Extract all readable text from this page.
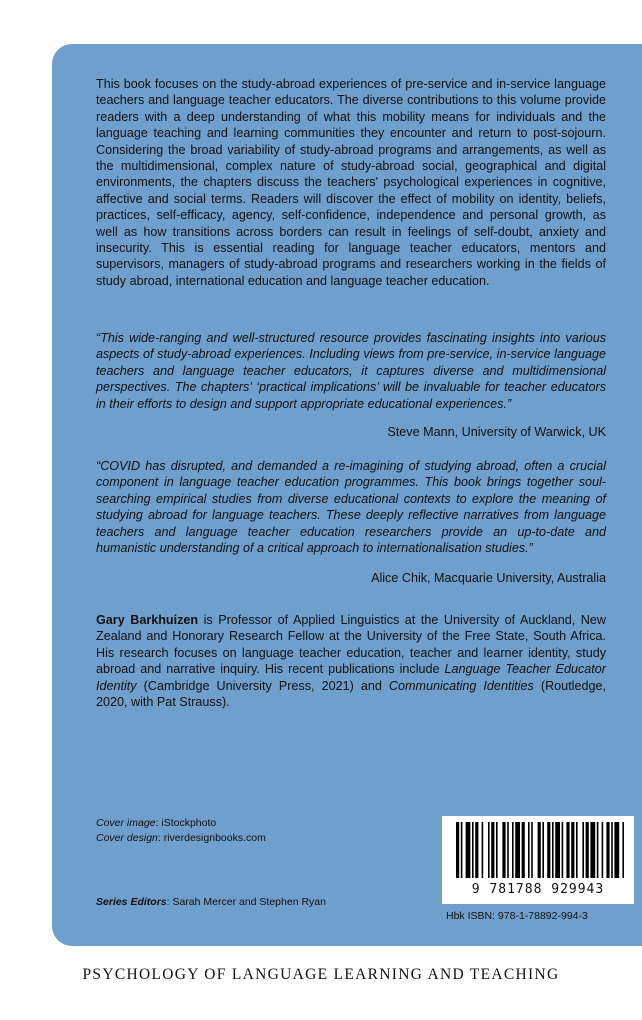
This book focuses on the study-abroad experiences of pre-service and in-service language teachers and language teacher educators. The diverse contributions to this volume provide readers with a deep understanding of what this mobility means for individuals and the language teaching and learning communities they encounter and return to post-sojourn. Considering the broad variability of study-abroad programs and arrangements, as well as the multidimensional, complex nature of study-abroad social, geographical and digital environments, the chapters discuss the teachers' psychological experiences in cognitive, affective and social terms. Readers will discover the effect of mobility on identity, beliefs, practices, self-efficacy, agency, self-confidence, independence and personal growth, as well as how transitions across borders can result in feelings of self-doubt, anxiety and insecurity. This is essential reading for language teacher educators, mentors and supervisors, managers of study-abroad programs and researchers working in the fields of study abroad, international education and language teacher education.

“This wide-ranging and well-structured resource provides fascinating insights into various aspects of study-abroad experiences. Including views from pre-service, in-service language teachers and language teacher educators, it captures diverse and multidimensional perspectives. The chapters' ‘practical implications’ will be invaluable for teacher educators in their efforts to design and support appropriate educational experiences.”

Steve Mann, University of Warwick, UK

“COVID has disrupted, and demanded a re-imagining of studying abroad, often a crucial component in language teacher education programmes. This book brings together soul-searching empirical studies from diverse educational contexts to explore the meaning of studying abroad for language teachers. These deeply reflective narratives from language teachers and language teacher education researchers provide an up-to-date and humanistic understanding of a critical approach to internationalisation studies.”

Alice Chik, Macquarie University, Australia

Gary Barkhuizen is Professor of Applied Linguistics at the University of Auckland, New Zealand and Honorary Research Fellow at the University of the Free State, South Africa. His research focuses on language teacher education, teacher and learner identity, study abroad and narrative inquiry. His recent publications include Language Teacher Educator Identity (Cambridge University Press, 2021) and Communicating Identities (Routledge, 2020, with Pat Strauss).

Cover image: iStockphoto
Cover design: riverdesignbooks.com

Series Editors: Sarah Mercer and Stephen Ryan

9 781788 929943

Hbk ISBN: 978-1-78892-994-3

PSYCHOLOGY OF LANGUAGE LEARNING AND TEACHING
